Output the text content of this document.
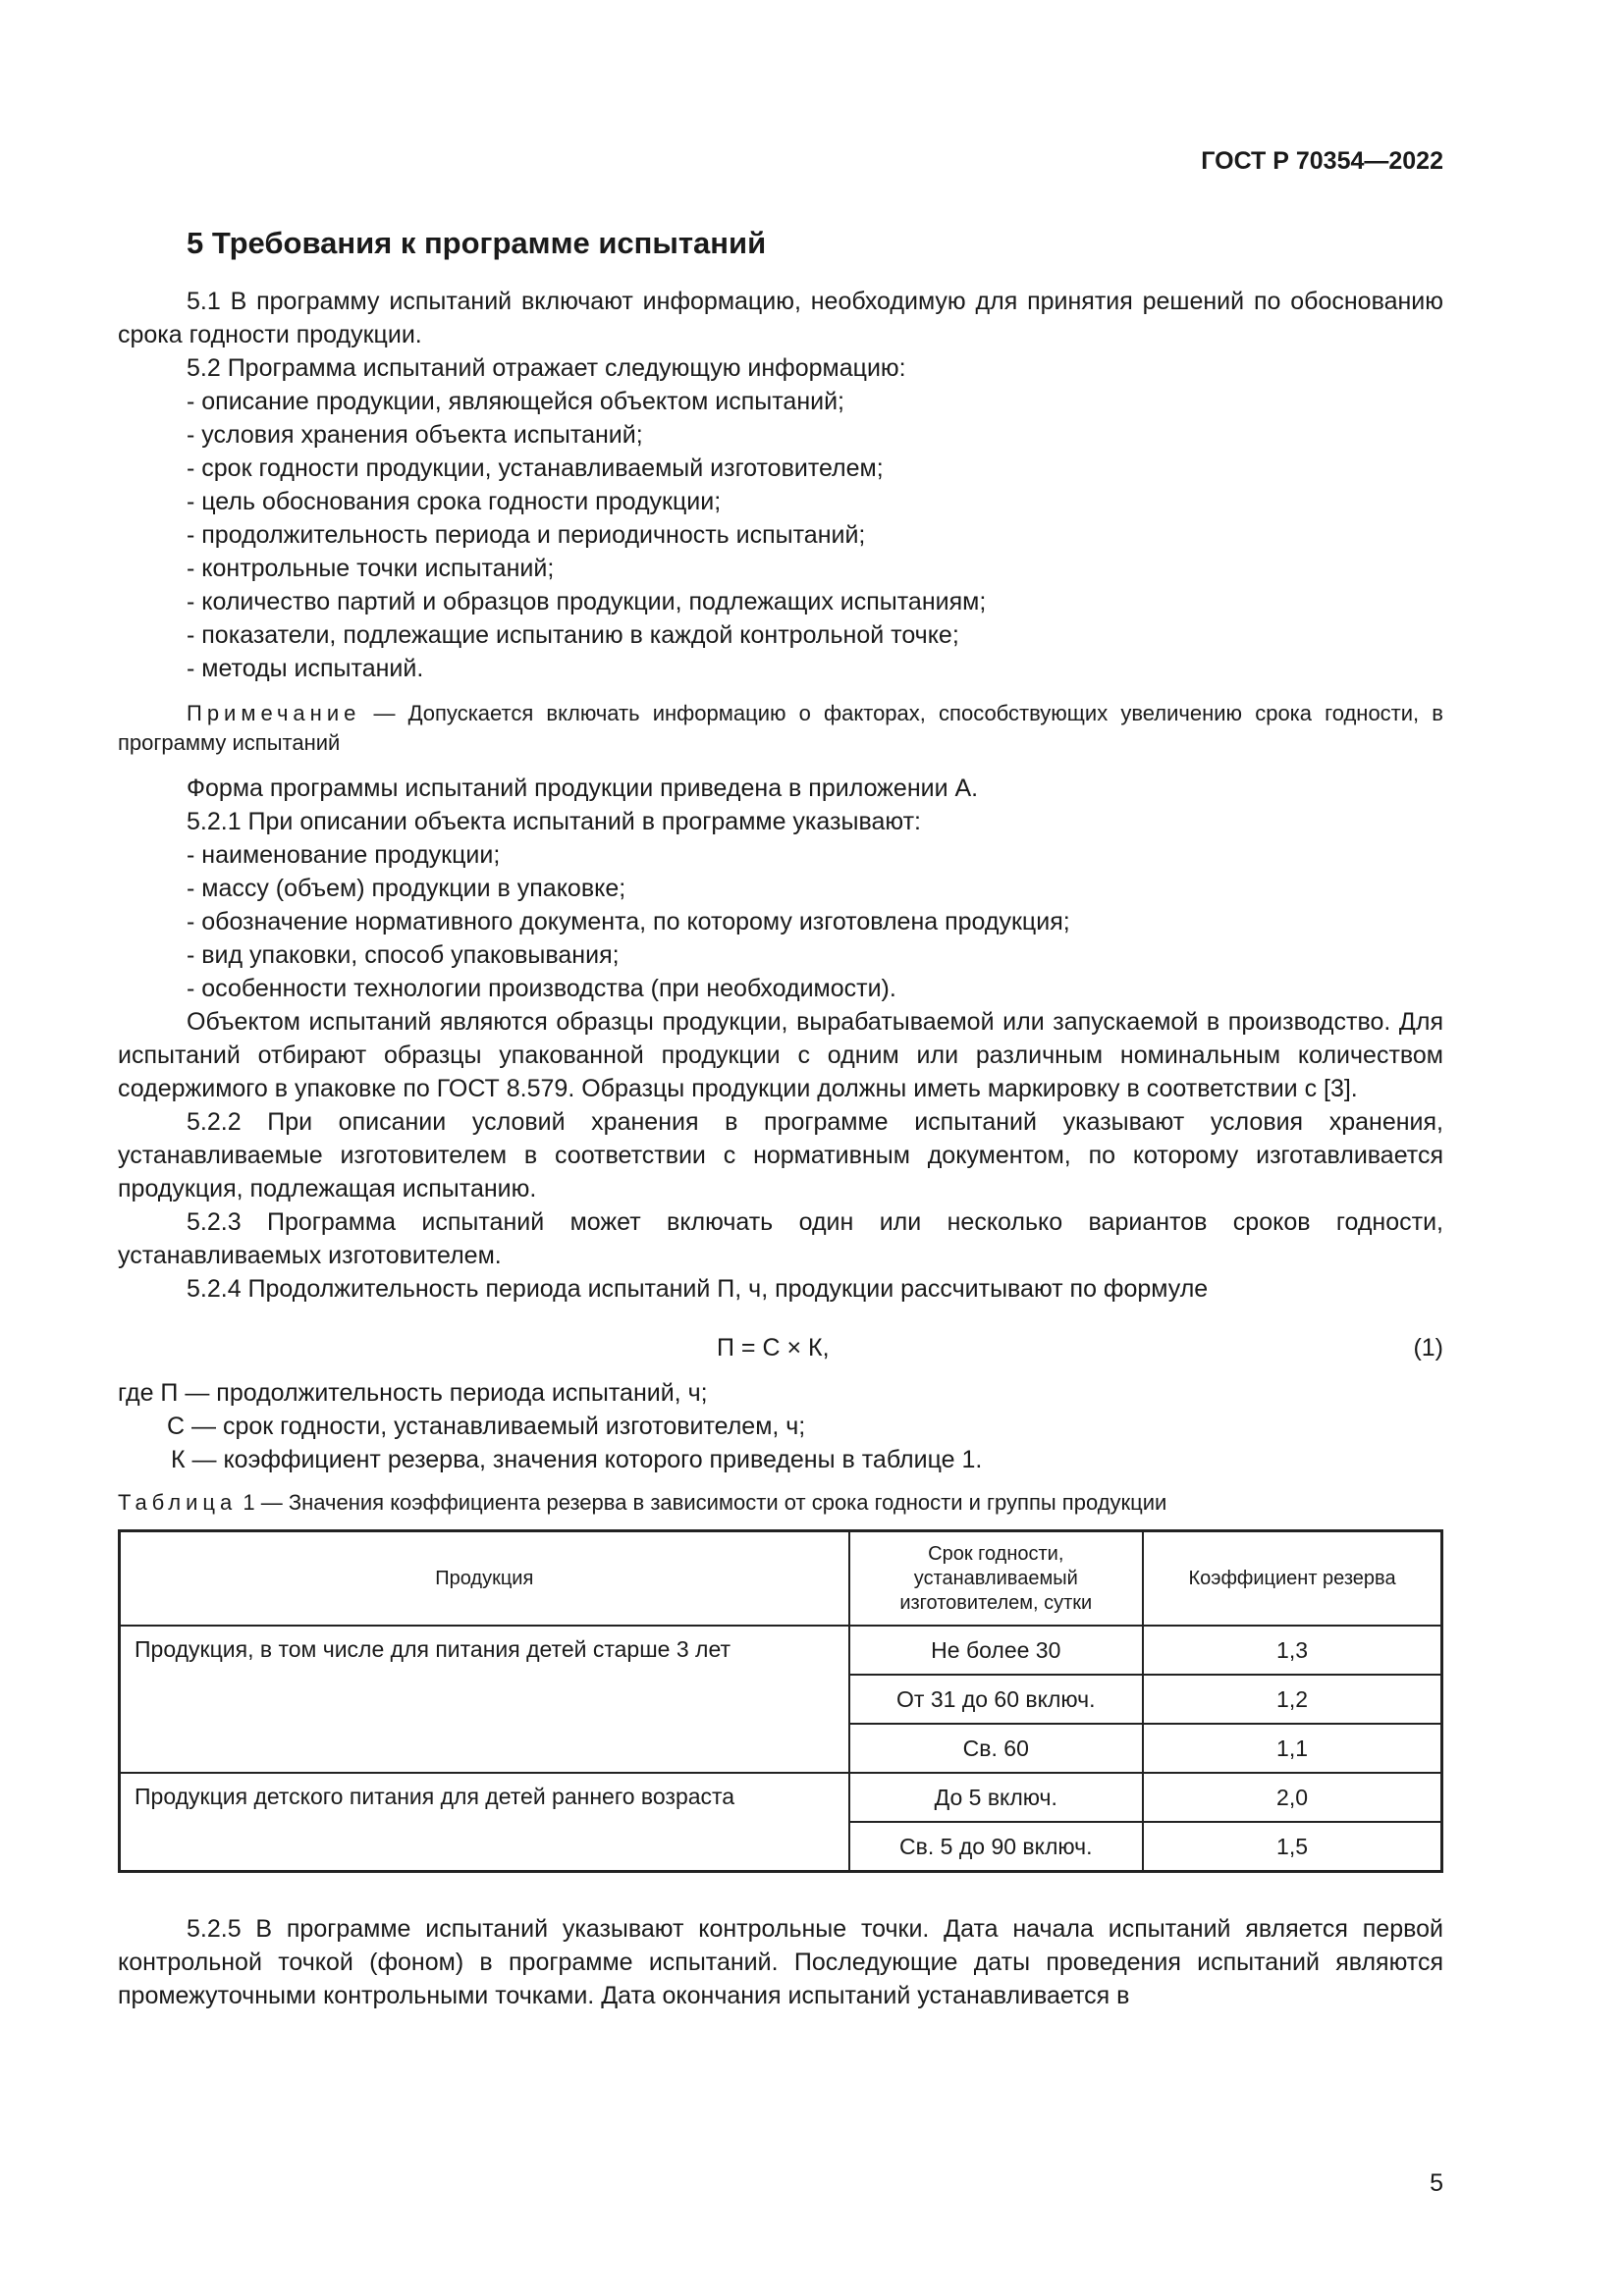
ГОСТ Р 70354—2022
5 Требования к программе испытаний

5.1 В программу испытаний включают информацию, необходимую для принятия решений по обоснованию срока годности продукции.

5.2 Программа испытаний отражает следующую информацию:

- описание продукции, являющейся объектом испытаний;

- условия хранения объекта испытаний;

- срок годности продукции, устанавливаемый изготовителем;

- цель обоснования срока годности продукции;

- продолжительность периода и периодичность испытаний;

- контрольные точки испытаний;

- количество партий и образцов продукции, подлежащих испытаниям;

- показатели, подлежащие испытанию в каждой контрольной точке;

- методы испытаний.

Примечание — Допускается включать информацию о факторах, способствующих увеличению срока годности, в программу испытаний

Форма программы испытаний продукции приведена в приложении А.

5.2.1 При описании объекта испытаний в программе указывают:

- наименование продукции;

- массу (объем) продукции в упаковке;

- обозначение нормативного документа, по которому изготовлена продукция;

- вид упаковки, способ упаковывания;

- особенности технологии производства (при необходимости).

Объектом испытаний являются образцы продукции, вырабатываемой или запускаемой в производство. Для испытаний отбирают образцы упакованной продукции с одним или различным номинальным количеством содержимого в упаковке по ГОСТ 8.579. Образцы продукции должны иметь маркировку в соответствии с [3].

5.2.2 При описании условий хранения в программе испытаний указывают условия хранения, устанавливаемые изготовителем в соответствии с нормативным документом, по которому изготавливается продукция, подлежащая испытанию.

5.2.3 Программа испытаний может включать один или несколько вариантов сроков годности, устанавливаемых изготовителем.

5.2.4 Продолжительность периода испытаний П, ч, продукции рассчитывают по формуле

П = С × К,	(1)
где П — продолжительность периода испытаний, ч;
С — срок годности, устанавливаемый изготовителем, ч;
К — коэффициент резерва, значения которого приведены в таблице 1.

Таблица 1 — Значения коэффициента резерва в зависимости от срока годности и группы продукции

Продукция	Срок годности, устанавливаемый изготовителем, сутки	Коэффициент резерва
Продукция, в том числе для питания детей старше 3 лет	Не более 30	1,3
	От 31 до 60 включ.	1,2
	Св. 60	1,1
Продукция детского питания для детей раннего возраста	До 5 включ.	2,0
	Св. 5 до 90 включ.	1,5

5.2.5 В программе испытаний указывают контрольные точки. Дата начала испытаний является первой контрольной точкой (фоном) в программе испытаний. Последующие даты проведения испытаний являются промежуточными контрольными точками. Дата окончания испытаний устанавливается в

5
